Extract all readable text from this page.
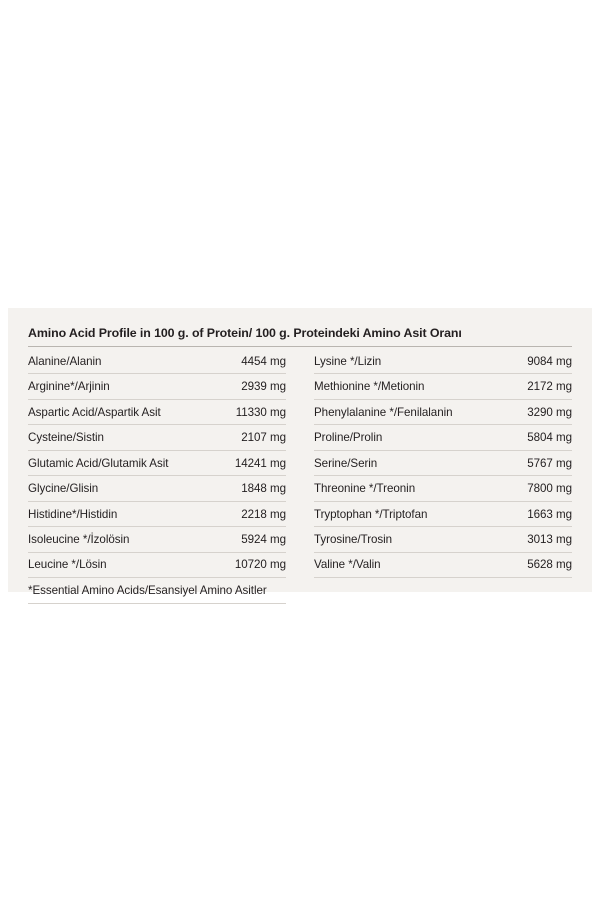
Amino Acid Profile in 100 g. of Protein/ 100 g. Proteindeki Amino Asit Oranı
Alanine/Alanin	4454 mg
Arginine*/Arjinin	2939 mg
Aspartic Acid/Aspartik Asit	11330 mg
Cysteine/Sistin	2107 mg
Glutamic Acid/Glutamik Asit	14241 mg
Glycine/Glisin	1848 mg
Histidine*/Histidin	2218 mg
Isoleucine */İzolösin	5924 mg
Leucine */Lösin	10720 mg
*Essential Amino Acids/Esansiyel Amino Asitler
Lysine */Lizin	9084 mg
Methionine */Metionin	2172 mg
Phenylalanine */Fenilalanin	3290 mg
Proline/Prolin	5804 mg
Serine/Serin	5767 mg
Threonine */Treonin	7800 mg
Tryptophan */Triptofan	1663 mg
Tyrosine/Trosin	3013 mg
Valine */Valin	5628 mg
